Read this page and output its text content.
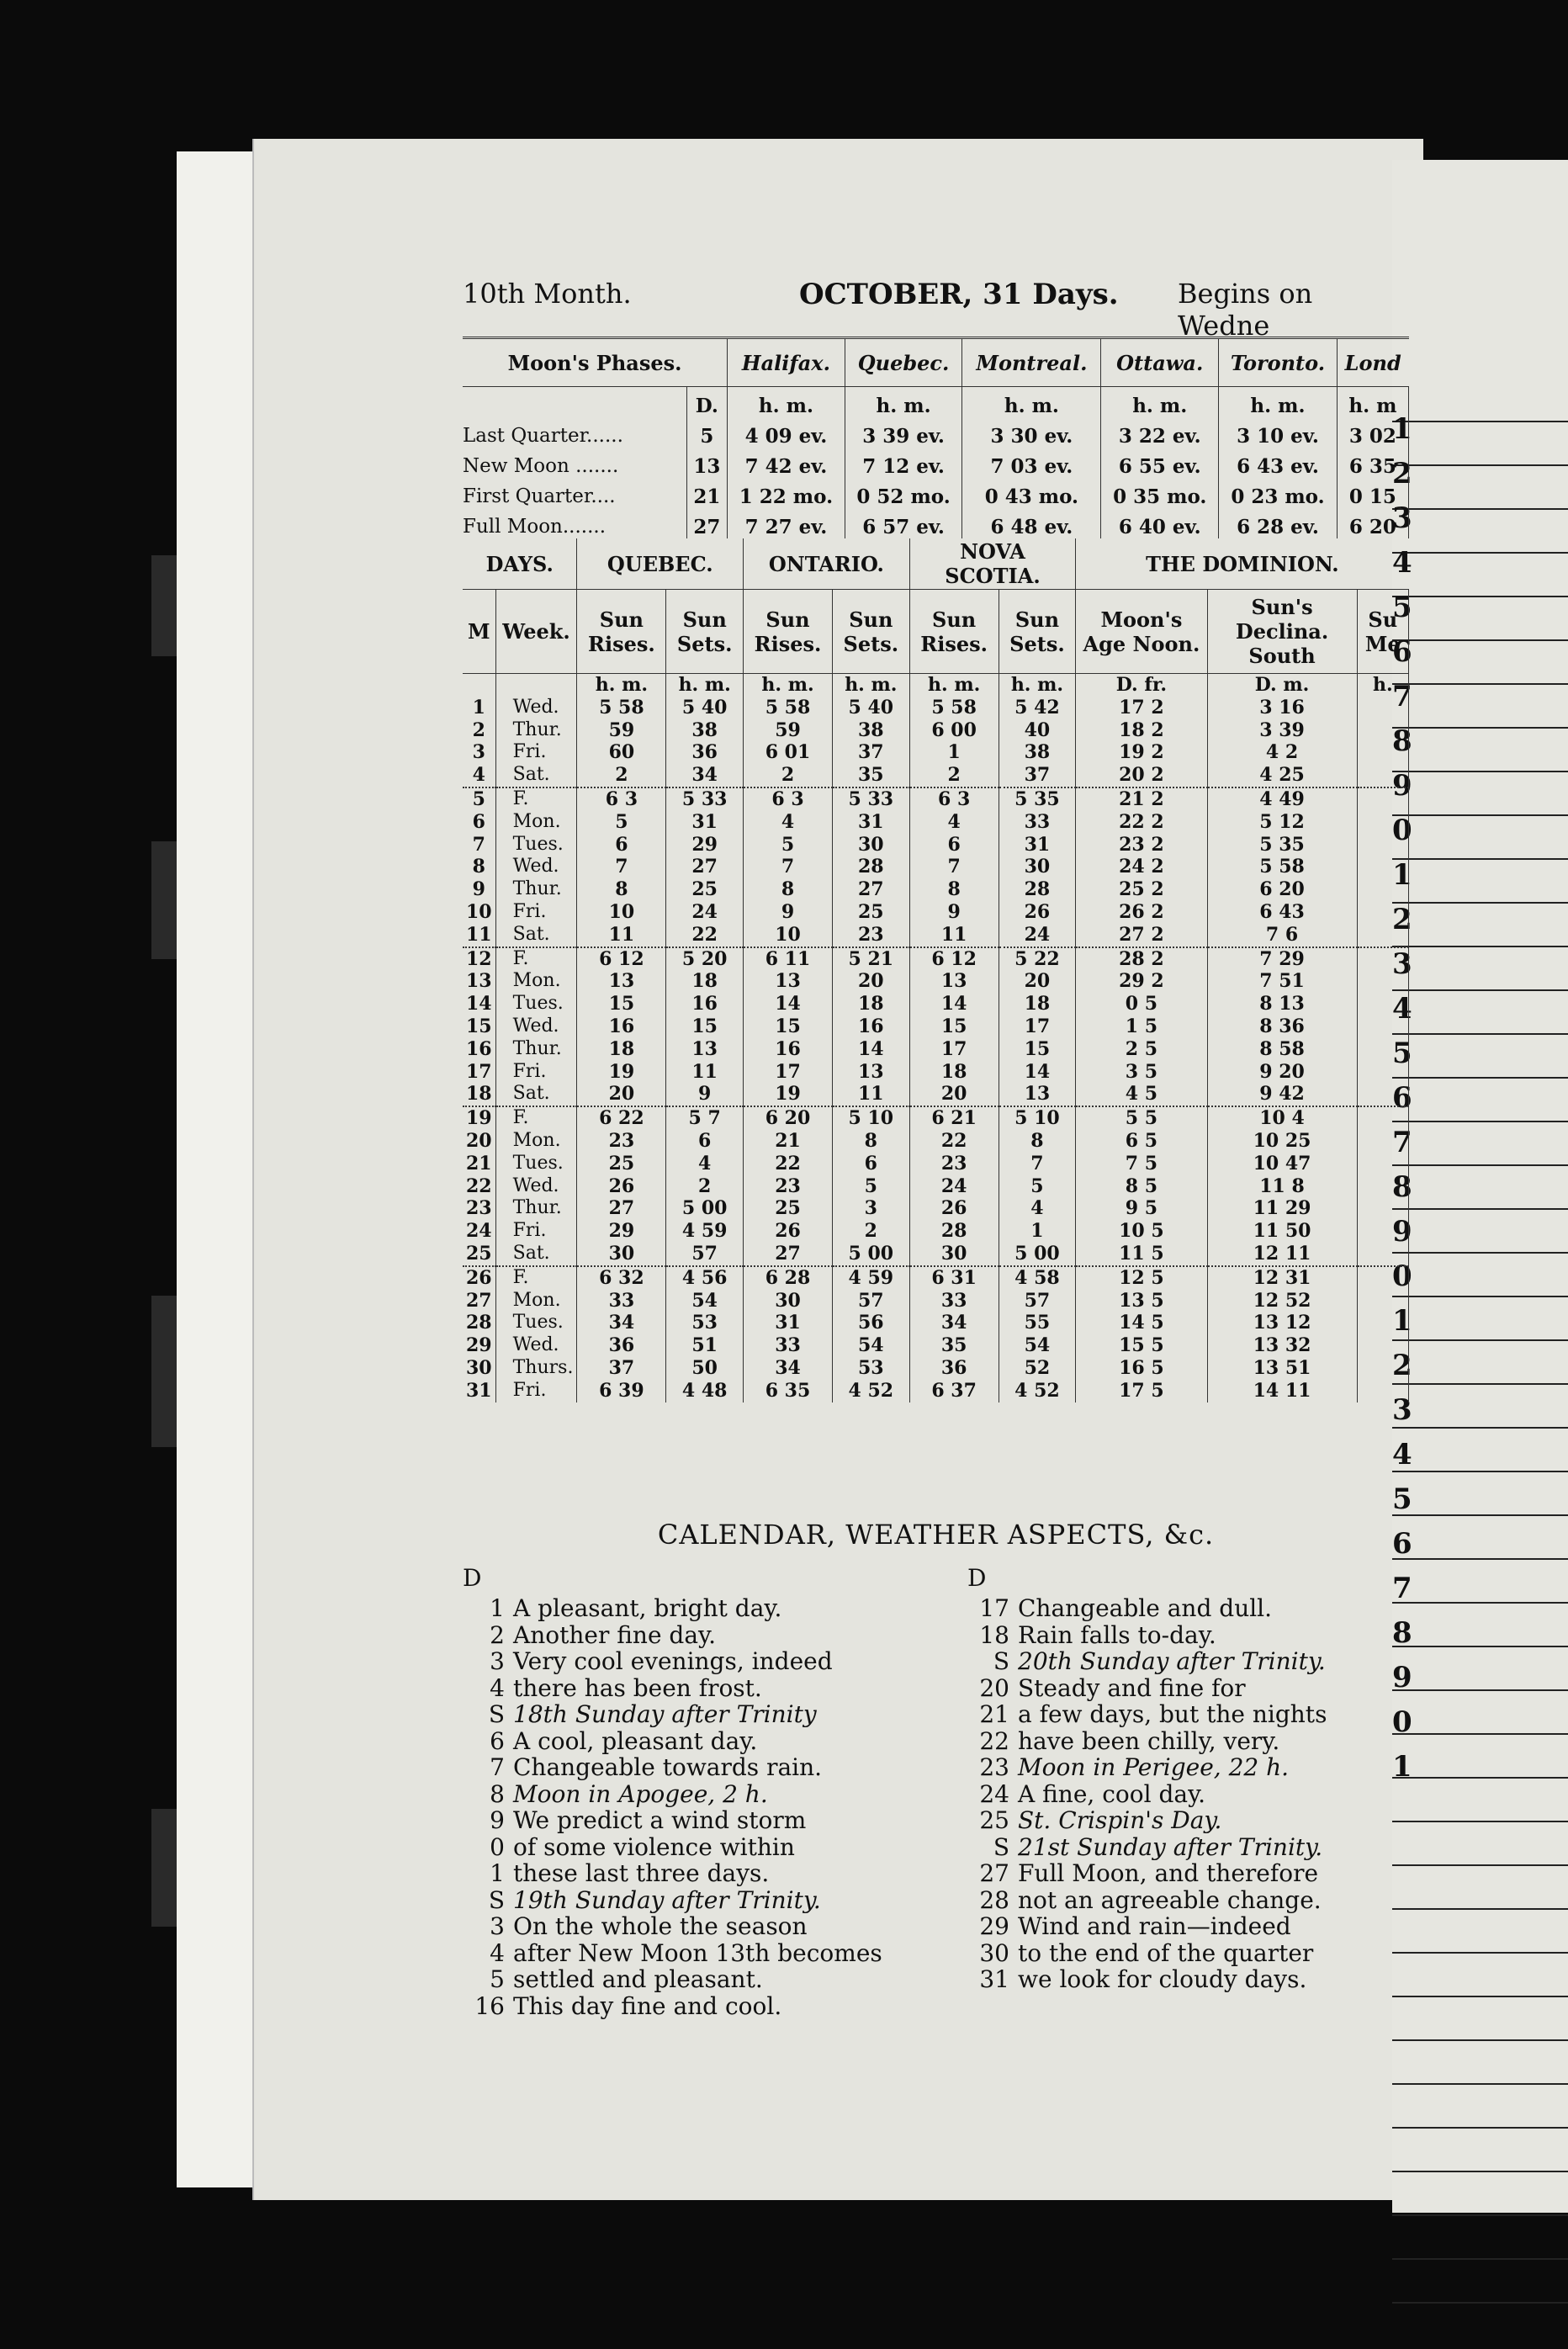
1
2
3
4
5
6
7
8
9
0
1
2
3
4
5
6
7
8
9
0
1
2
3
4
5
6
7
8
9
0
1
10th Month.	OCTOBER, 31 Days. Begins on Wedne
Moon's Phases.		Halifax.	Quebec.	Montreal.	Ottawa.	Toronto.	Lond
	D.	h. m.	h. m.	h. m.	h. m.	h. m.	h. m
Last Quarter......	5	4 09 ev.	3 39 ev.	3 30 ev.	3 22 ev.	3 10 ev.	3 02
New Moon .......	13	7 42 ev.	7 12 ev.	7 03 ev.	6 55 ev.	6 43 ev.	6 35
First Quarter....	21	1 22 mo.	0 52 mo.	0 43 mo.	0 35 mo.	0 23 mo.	0 15
Full Moon.......	27	7 27 ev.	6 57 ev.	6 48 ev.	6 40 ev.	6 28 ev.	6 20
DAYS.		QUEBEC.		ONTARIO.		NOVA SCOTIA.		THE DOMINION.		
M	Week.	Sun Rises.	Sun Sets.	Sun Rises.	Sun Sets.	Sun Rises.	Sun Sets.	Moon's Age Noon.	Sun's Declina. South	Su Me
		h. m.	h. m.	h. m.	h. m.	h. m.	h. m.	D. fr.	D. m.	h.
1	Wed.	5 58	5 40	5 58	5 40	5 58	5 42	17 2	3 16	
2	Thur.	59	38	59	38	6 00	40	18 2	3 39	
3	Fri.	60	36	6 01	37	1	38	19 2	4 2	
4	Sat.	2	34	2	35	2	37	20 2	4 25	
5	F.	6 3	5 33	6 3	5 33	6 3	5 35	21 2	4 49	
6	Mon.	5	31	4	31	4	33	22 2	5 12	
7	Tues.	6	29	5	30	6	31	23 2	5 35	
8	Wed.	7	27	7	28	7	30	24 2	5 58	
9	Thur.	8	25	8	27	8	28	25 2	6 20	
10	Fri.	10	24	9	25	9	26	26 2	6 43	
11	Sat.	11	22	10	23	11	24	27 2	7 6	
12	F.	6 12	5 20	6 11	5 21	6 12	5 22	28 2	7 29	
13	Mon.	13	18	13	20	13	20	29 2	7 51	
14	Tues.	15	16	14	18	14	18	0 5	8 13	
15	Wed.	16	15	15	16	15	17	1 5	8 36	
16	Thur.	18	13	16	14	17	15	2 5	8 58	
17	Fri.	19	11	17	13	18	14	3 5	9 20	
18	Sat.	20	9	19	11	20	13	4 5	9 42	
19	F.	6 22	5 7	6 20	5 10	6 21	5 10	5 5	10 4	
20	Mon.	23	6	21	8	22	8	6 5	10 25	
21	Tues.	25	4	22	6	23	7	7 5	10 47	
22	Wed.	26	2	23	5	24	5	8 5	11 8	
23	Thur.	27	5 00	25	3	26	4	9 5	11 29	
24	Fri.	29	4 59	26	2	28	1	10 5	11 50	
25	Sat.	30	57	27	5 00	30	5 00	11 5	12 11	
26	F.	6 32	4 56	6 28	4 59	6 31	4 58	12 5	12 31	
27	Mon.	33	54	30	57	33	57	13 5	12 52	
28	Tues.	34	53	31	56	34	55	14 5	13 12	
29	Wed.	36	51	33	54	35	54	15 5	13 32	
30	Thurs.	37	50	34	53	36	52	16 5	13 51	
31	Fri.	6 39	4 48	6 35	4 52	6 37	4 52	17 5	14 11	
CALENDAR, WEATHER ASPECTS, &c.
D
1 A pleasant, bright day.
2 Another fine day.
3 Very cool evenings, indeed
4 there has been frost.
S 18th Sunday after Trinity
6 A cool, pleasant day.
7 Changeable towards rain.
8 Moon in Apogee, 2 h.
9 We predict a wind storm
0 of some violence within
1 these last three days.
S 19th Sunday after Trinity.
3 On the whole the season
4 after New Moon 13th becomes
5 settled and pleasant.
16 This day fine and cool.
D
17 Changeable and dull.
18 Rain falls to-day.
S 20th Sunday after Trinity.
20 Steady and fine for
21 a few days, but the nights
22 have been chilly, very.
23 Moon in Perigee, 22 h.
24 A fine, cool day.
25 St. Crispin's Day.
S 21st Sunday after Trinity.
27 Full Moon, and therefore
28 not an agreeable change.
29 Wind and rain—indeed
30 to the end of the quarter
31 we look for cloudy days.
